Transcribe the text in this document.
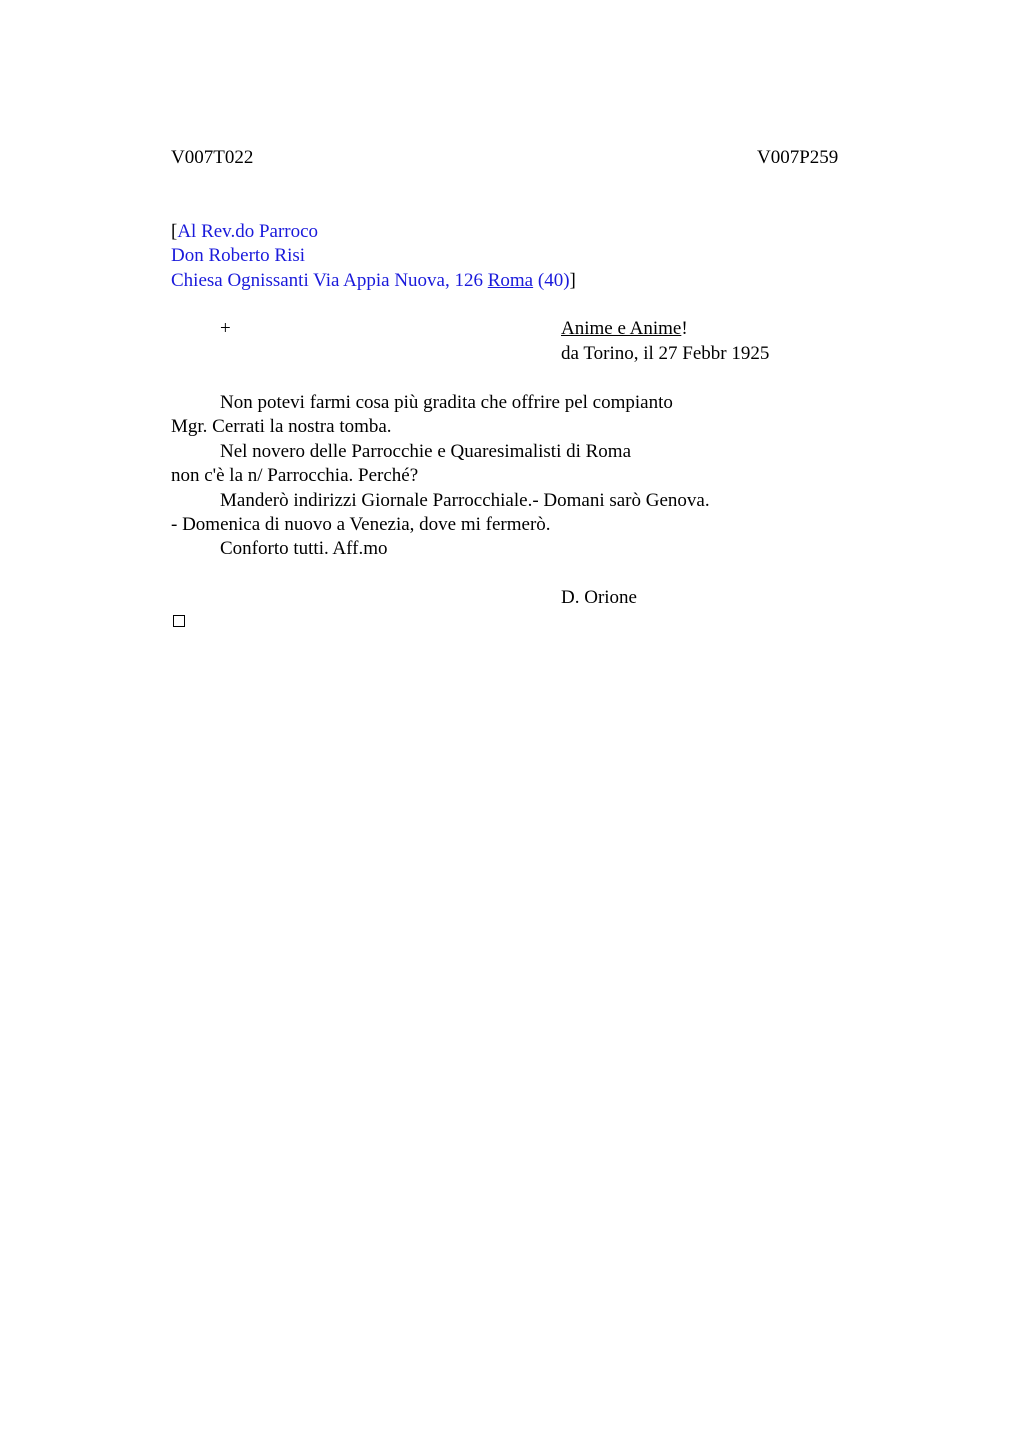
V007T022	V007P259
[Al Rev.do Parroco
Don Roberto Risi
Chiesa Ognissanti Via Appia Nuova, 126 Roma (40)]
+	Anime e Anime!
da Torino, il 27 Febbr 1925
Non potevi farmi cosa più gradita che offrire pel compianto
Mgr. Cerrati la nostra tomba.
Nel novero delle Parrocchie e Quaresimalisti di Roma
non c'è la n/ Parrocchia. Perché?
Manderò indirizzi Giornale Parrocchiale.- Domani sarò Genova.
- Domenica di nuovo a Venezia, dove mi fermerò.
Conforto tutti. Aff.mo
D. Orione
